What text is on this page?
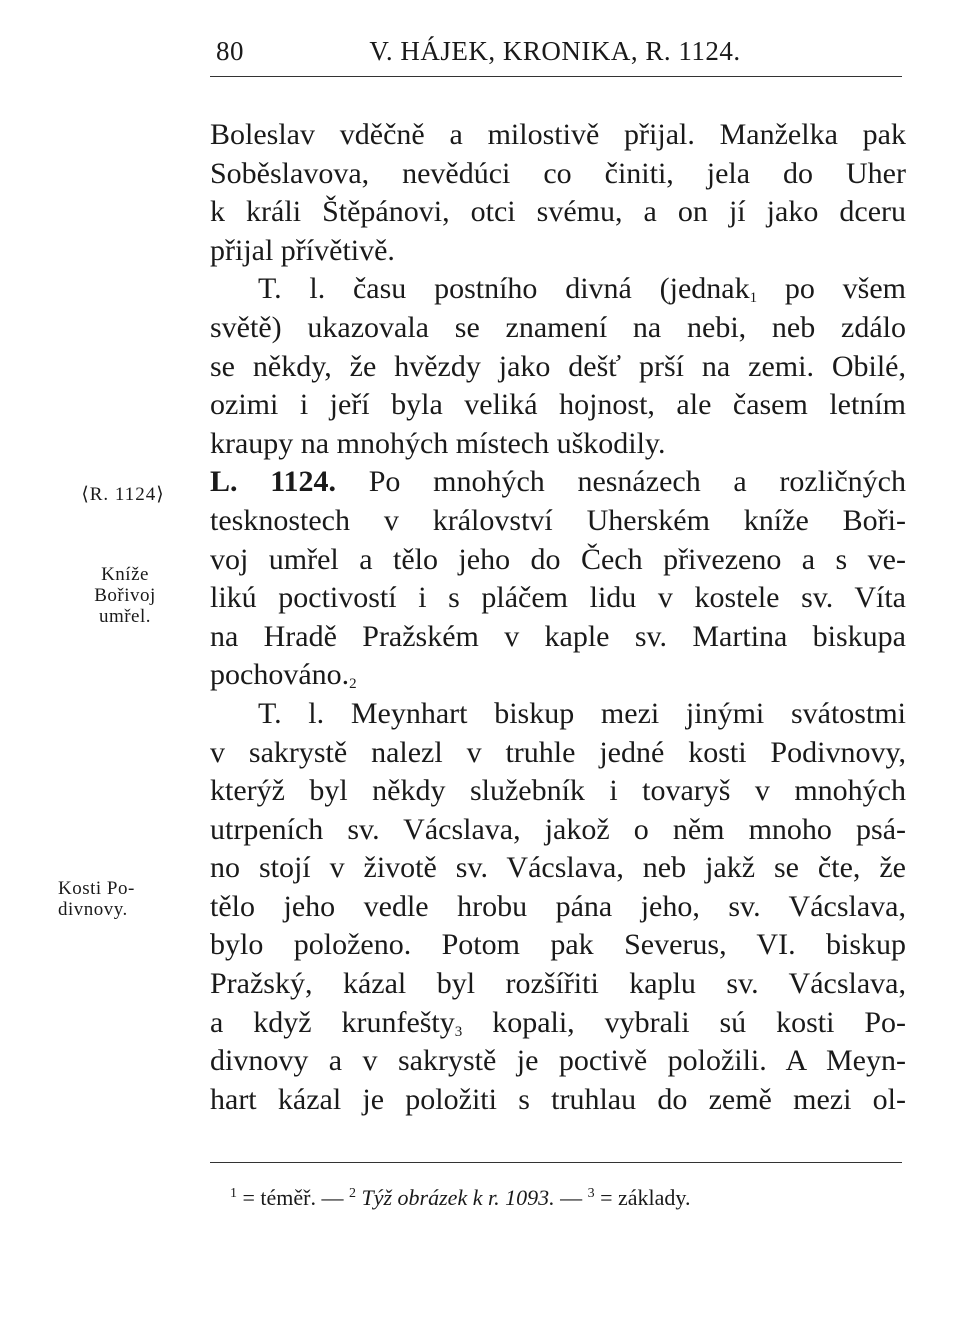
80	V. HÁJEK, KRONIKA, R. 1124.
⟨R. 1124⟩
Kníže
Bořivoj
umřel.
Kosti Po-
divnovy.
Boleslav vděčně a milostivě přijal. Manželka pak
Soběslavova, nevědúci co činiti, jela do Uher
k králi Štěpánovi, otci svému, a on jí jako dceru
přijal přívětivě.
T. l. času postního divná (jednak$_1$ po všem
světě) ukazovala se znamení na nebi, neb zdálo
se někdy, že hvězdy jako dešť prší na zemi. Obilé,
ozimi i jeří byla veliká hojnost, ale časem letním
kraupy na mnohých místech uškodily.
L. 1124. Po mnohých nesnázech a rozličných
tesknostech v království Uherském kníže Boři-
voj umřel a tělo jeho do Čech přivezeno a s ve-
likú poctivostí i s pláčem lidu v kostele sv. Víta
na Hradě Pražském v kaple sv. Martina biskupa
$pochováno._2$
T. l. Meynhart biskup mezi jinými svátostmi
v sakrystě nalezl v truhle jedné kosti Podivnovy,
kterýž byl někdy služebník i tovaryš v mnohých
utrpeních sv. Vácslava, jakož o něm mnoho psá-
no stojí v životě sv. Vácslava, neb jakž se čte, že
tělo jeho vedle hrobu pána jeho, sv. Vácslava,
bylo položeno. Potom pak Severus, VI. biskup
Pražský, kázal byl rozšířiti kaplu sv. Vácslava,
a když krunfešty$_3$ kopali, vybrali sú kosti Po-
divnovy a v sakrystě je poctivě položili. A Meyn-
hart kázal je položiti s truhlau do země mezi ol-
$^1$ = téměř. — $^2$ Týž obrázek k r. 1093. — $^3$ = základy.
